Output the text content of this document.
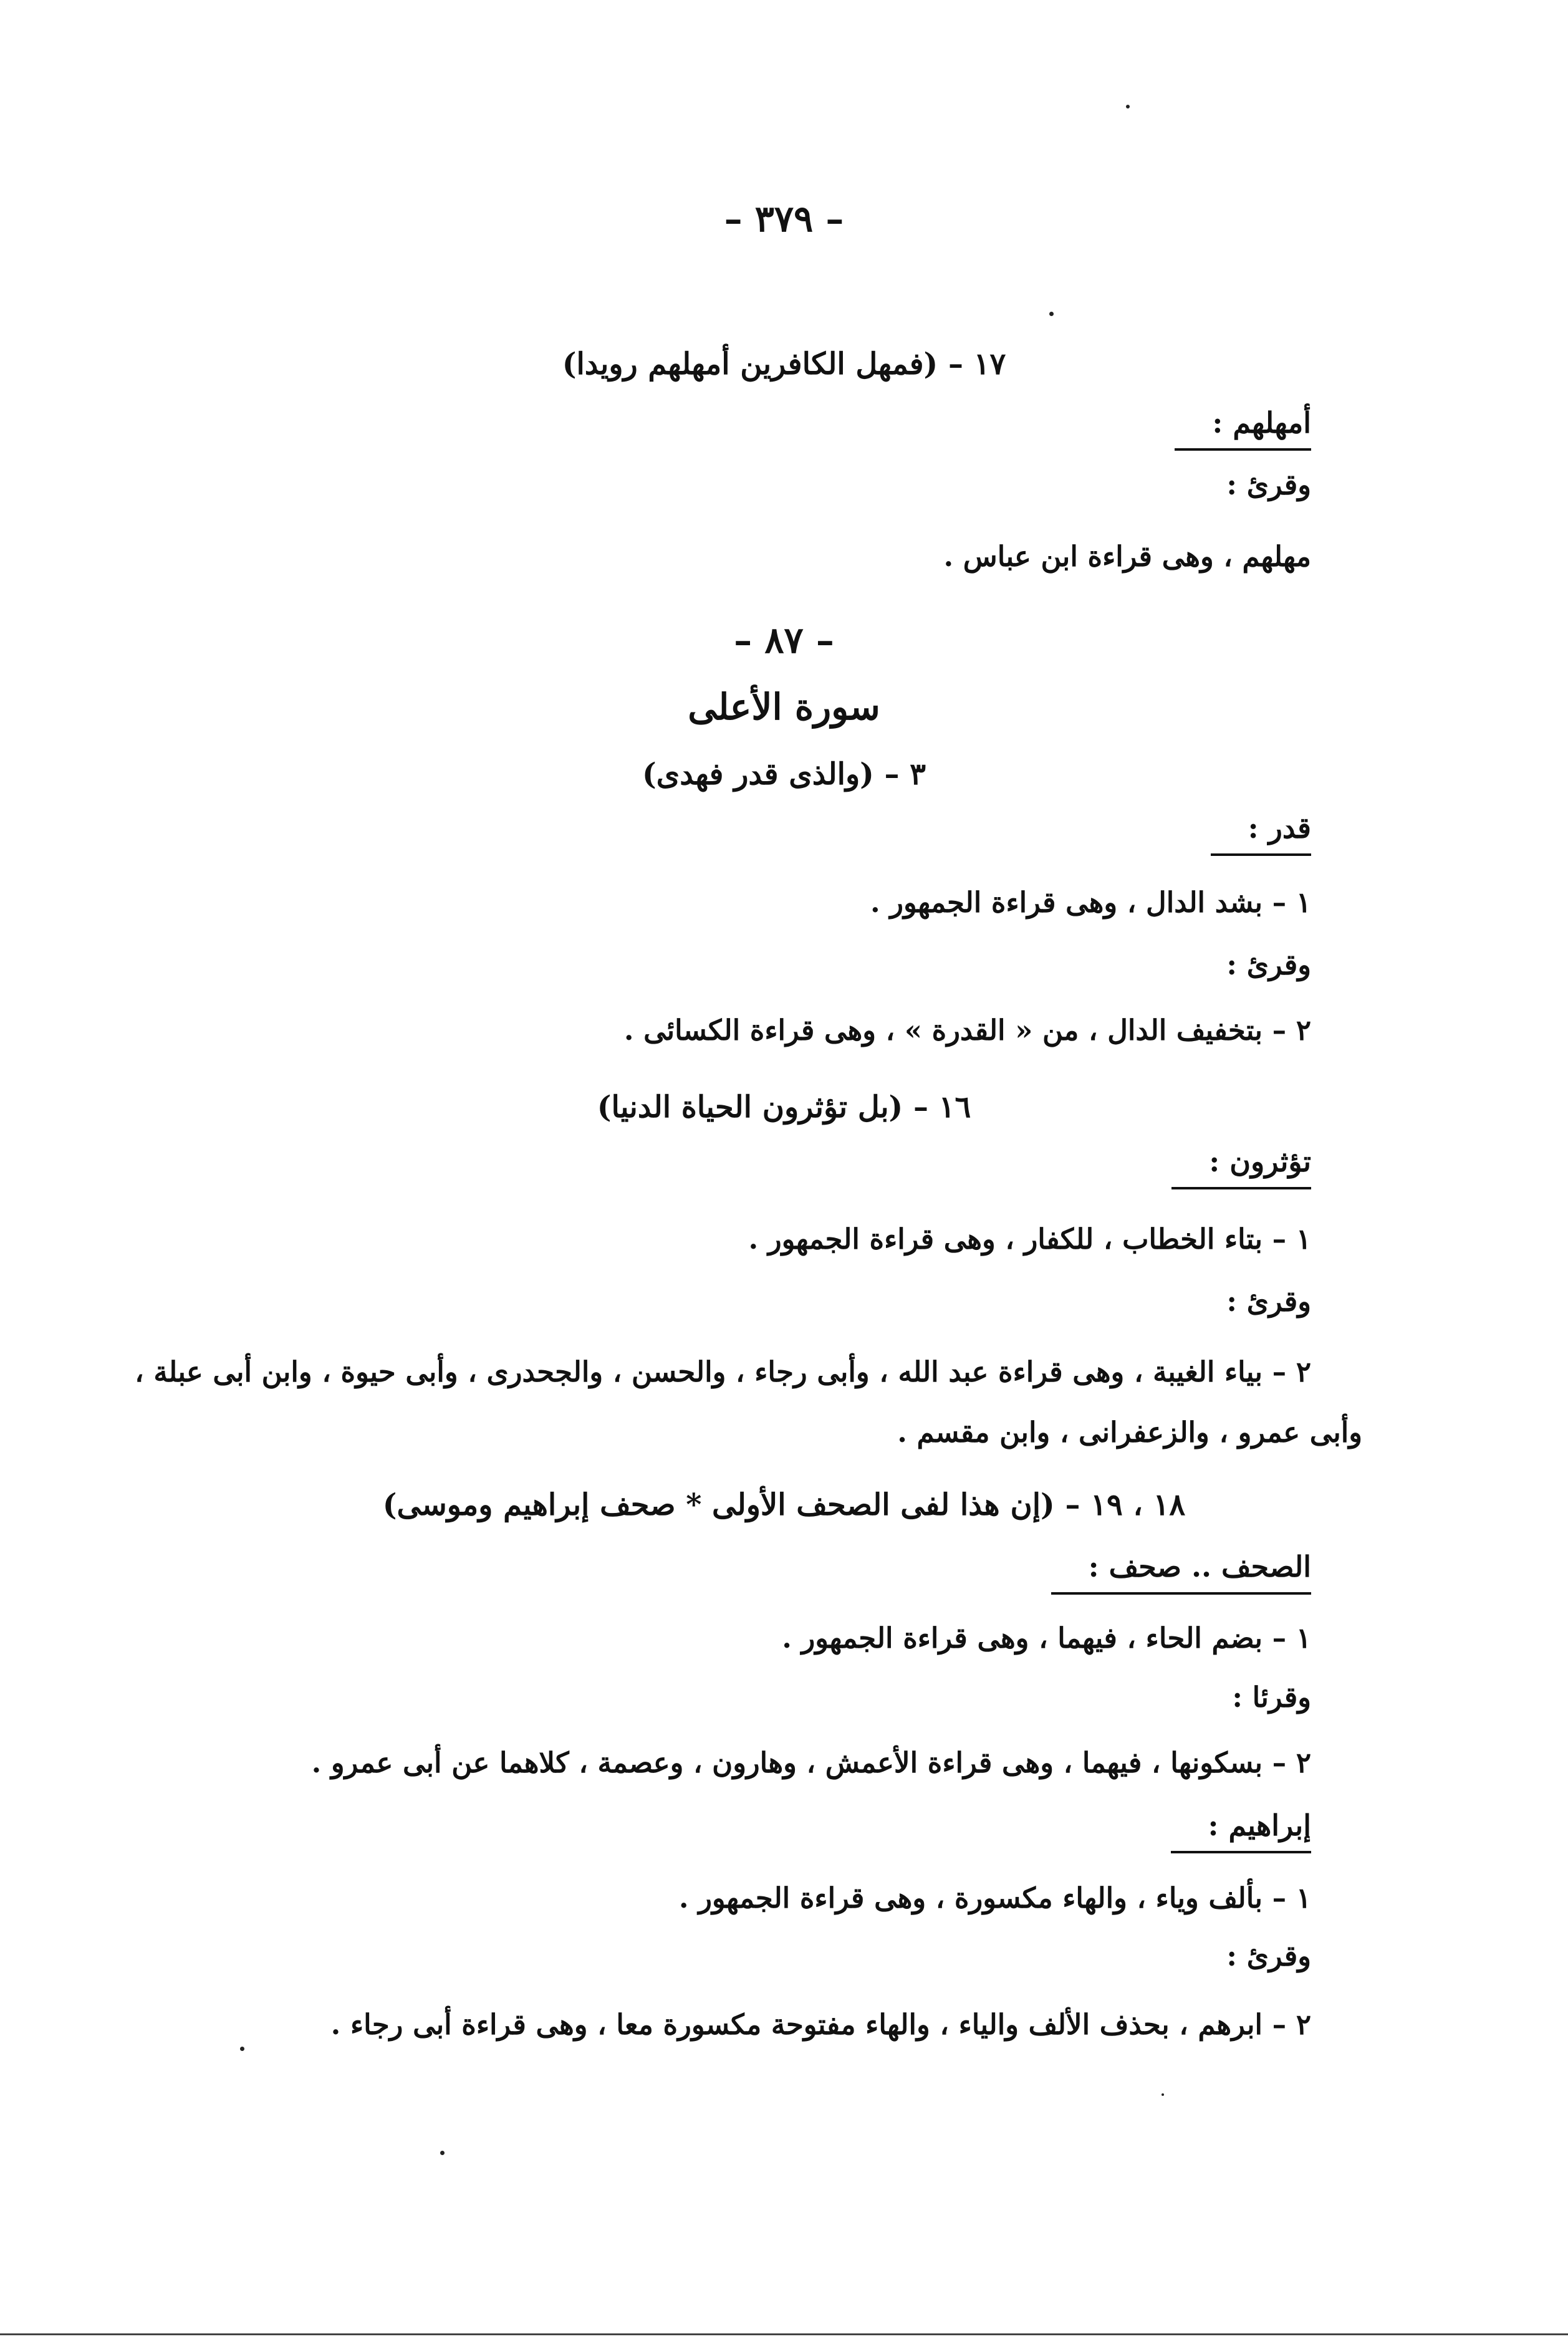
– ٣٧٩ –
١٧ – (فمهل الكافرين أمهلهم رويدا)
أمهلهم :
وقرئ :
مهلهم ، وهى قراءة ابن عباس .
– ٨٧ –
سورة الأعلى
٣ – (والذى قدر فهدى)
قدر :
١ – بشد الدال ، وهى قراءة الجمهور .
وقرئ :
٢ – بتخفيف الدال ، من « القدرة » ، وهى قراءة الكسائى .
١٦ – (بل تؤثرون الحياة الدنيا)
تؤثرون :
١ – بتاء الخطاب ، للكفار ، وهى قراءة الجمهور .
وقرئ :
٢ – بياء الغيبة ، وهى قراءة عبد الله ، وأبى رجاء ، والحسن ، والجحدرى ، وأبى حيوة ، وابن أبى عبلة ،
وأبى عمرو ، والزعفرانى ، وابن مقسم .
١٨ ، ١٩ – (إن هذا لفى الصحف الأولى * صحف إبراهيم وموسى)
الصحف .. صحف :
١ – بضم الحاء ، فيهما ، وهى قراءة الجمهور .
وقرئا :
٢ – بسكونها ، فيهما ، وهى قراءة الأعمش ، وهارون ، وعصمة ، كلاهما عن أبى عمرو .
إبراهيم :
١ – بألف وياء ، والهاء مكسورة ، وهى قراءة الجمهور .
وقرئ :
٢ – ابرهم ، بحذف الألف والياء ، والهاء مفتوحة مكسورة معا ، وهى قراءة أبى رجاء .
